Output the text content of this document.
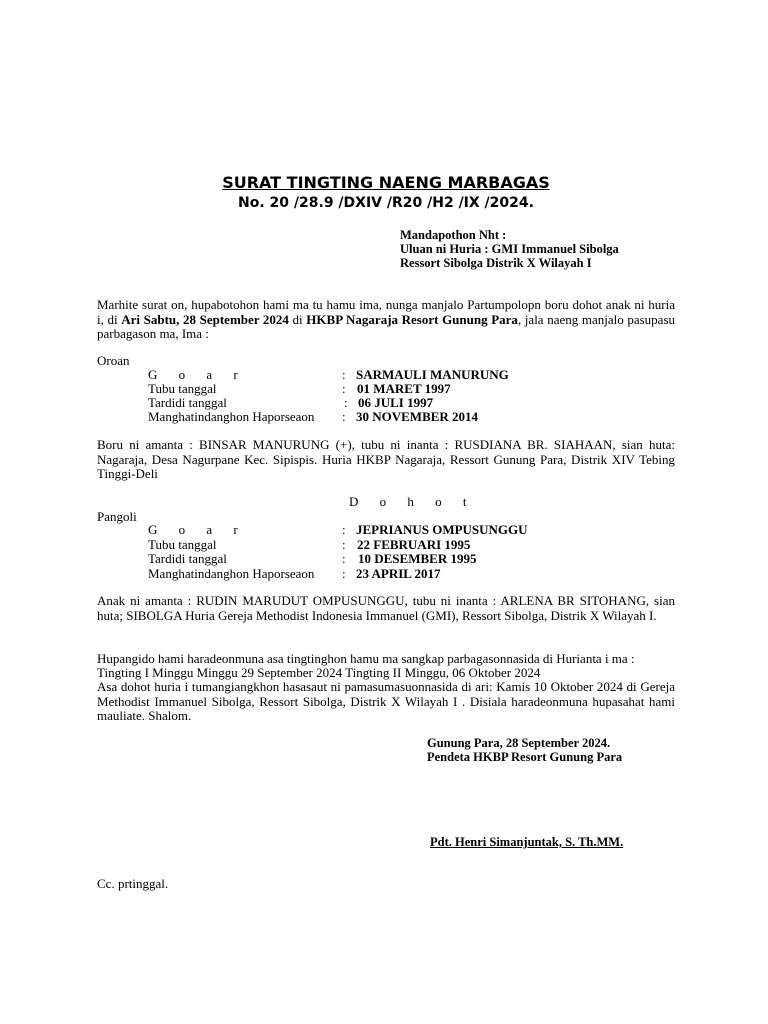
SURAT TINGTING NAENG MARBAGAS
No. 20 /28.9 /DXIV /R20 /H2 /IX /2024.
Mandapothon Nht :
Uluan ni Huria : GMI Immanuel Sibolga
Ressort Sibolga Distrik X Wilayah I
Marhite surat on, hupabotohon hami ma tu hamu ima, nunga manjalo Partumpolopn boru dohot anak ni huria i, di Ari Sabtu, 28 September 2024 di HKBP Nagaraja Resort Gunung Para, jala naeng manjalo pasupasu parbagason ma, Ima :
Oroan
G o a r	: SARMAULI MANURUNG
Tubu tanggal	: 01 MARET 1997
Tardidi tanggal	: 06 JULI 1997
Manghatindanghon Haporseaon : 30 NOVEMBER 2014
Boru ni amanta : BINSAR MANURUNG (+), tubu ni inanta : RUSDIANA BR. SIAHAAN, sian huta: Nagaraja, Desa Nagurpane Kec. Sipispis. Huria HKBP Nagaraja, Ressort Gunung Para, Distrik XIV Tebing Tinggi-Deli
D o h o t
Pangoli
G o a r	: JEPRIANUS OMPUSUNGGU
Tubu tanggal	: 22 FEBRUARI 1995
Tardidi tanggal	: 10 DESEMBER 1995
Manghatindanghon Haporseaon : 23 APRIL 2017
Anak ni amanta : RUDIN MARUDUT OMPUSUNGGU, tubu ni inanta : ARLENA BR SITOHANG, sian huta; SIBOLGA Huria Gereja Methodist Indonesia Immanuel (GMI), Ressort Sibolga, Distrik X Wilayah I.
Hupangido hami haradeonmuna asa tingtinghon hamu ma sangkap parbagasonnasida di Hurianta i ma :
Tingting I Minggu Minggu 29 September 2024 Tingting II Minggu, 06 Oktober 2024
Asa dohot huria i tumangiangkhon hasasaut ni pamasumasuonnasida di ari: Kamis 10 Oktober 2024 di Gereja Methodist Immanuel Sibolga, Ressort Sibolga, Distrik X Wilayah I . Disiala haradeonmuna hupasahat hami mauliate. Shalom.
Gunung Para, 28 September 2024.
Pendeta HKBP Resort Gunung Para
Pdt. Henri Simanjuntak, S. Th.MM.
Cc. prtinggal.
